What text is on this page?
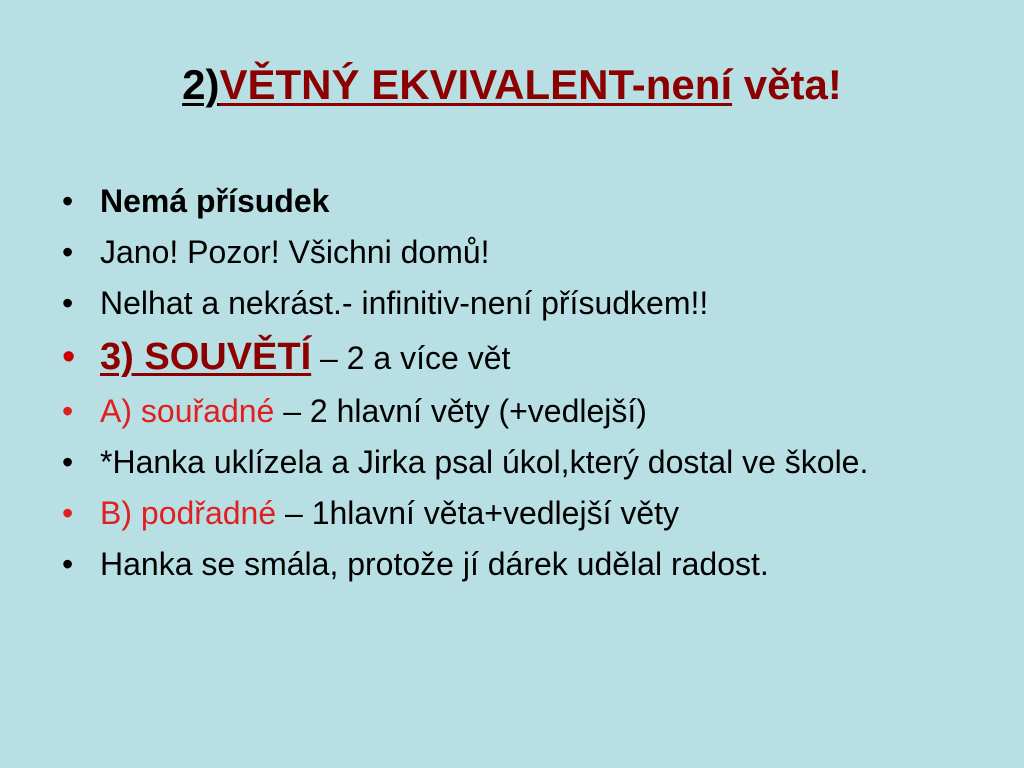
2)VĚTNÝ EKVIVALENT-není věta!
• Nemá přísudek
• Jano! Pozor! Všichni domů!
• Nelhat a nekrást.- infinitiv-není přísudkem!!
• 3) SOUVĚTÍ – 2 a více vět
• A) souřadné – 2 hlavní věty (+vedlejší)
• *Hanka uklízela a Jirka psal úkol,který dostal ve škole.
• B) podřadné – 1hlavní věta+vedlejší věty
• Hanka se smála, protože jí dárek udělal radost.
